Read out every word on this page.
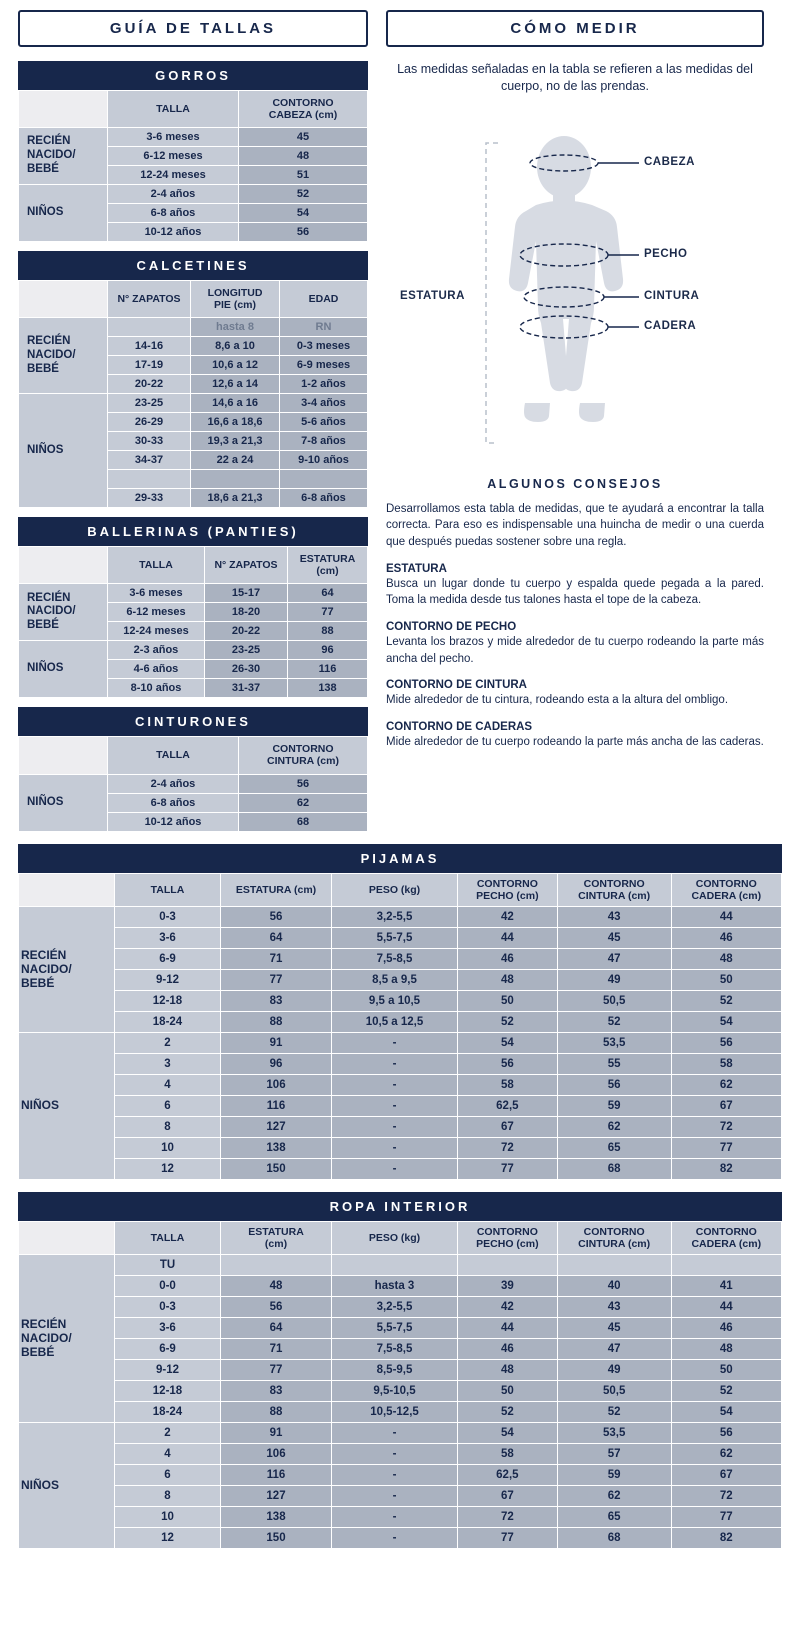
GUÍA DE TALLAS
GORROS
	TALLA	CONTORNO
CABEZA (cm)
RECIÉN
NACIDO/
BEBÉ	3-6 meses	45
	6-12 meses	48
	12-24 meses	51
NIÑOS	2-4 años	52
	6-8 años	54
	10-12 años	56
CALCETINES
	N° ZAPATOS	LONGITUD
PIE (cm)	EDAD
RECIÉN
NACIDO/
BEBÉ		hasta 8	RN
	14-16	8,6 a 10	0-3 meses
	17-19	10,6 a 12	6-9 meses
	20-22	12,6 a 14	1-2 años
NIÑOS	23-25	14,6 a 16	3-4 años
	26-29	16,6 a 18,6	5-6 años
	30-33	19,3 a 21,3	7-8 años
	34-37	22 a 24	9-10 años

	29-33	18,6 a 21,3	6-8 años
BALLERINAS (PANTIES)
	TALLA	N° ZAPATOS	ESTATURA
(cm)
RECIÉN
NACIDO/
BEBÉ	3-6 meses	15-17	64
	6-12 meses	18-20	77
	12-24 meses	20-22	88
NIÑOS	2-3 años	23-25	96
	4-6 años	26-30	116
	8-10 años	31-37	138
CINTURONES
	TALLA	CONTORNO
CINTURA (cm)
NIÑOS	2-4 años	56
	6-8 años	62
	10-12 años	68
CÓMO MEDIR
Las medidas señaladas en la tabla se refieren a las medidas del cuerpo, no de las prendas.
CABEZA
PECHO
CINTURA
CADERA
ESTATURA
ALGUNOS CONSEJOS

Desarrollamos esta tabla de medidas, que te ayudará a encontrar la talla correcta. Para eso es indispensable una huincha de medir o una cuerda que después puedas sostener sobre una regla.

ESTATURA

Busca un lugar donde tu cuerpo y espalda quede pegada a la pared. Toma la medida desde tus talones hasta el tope de la cabeza.

CONTORNO DE PECHO

Levanta los brazos y mide alrededor de tu cuerpo rodeando la parte más ancha del pecho.

CONTORNO DE CINTURA

Mide alrededor de tu cintura, rodeando esta a la altura del ombligo.

CONTORNO DE CADERAS

Mide alrededor de tu cuerpo rodeando la parte más ancha de las caderas.

PIJAMAS
	TALLA	ESTATURA (cm)	PESO (kg)	CONTORNO
PECHO (cm)	CONTORNO
CINTURA (cm)	CONTORNO
CADERA (cm)
RECIÉN
NACIDO/
BEBÉ	0-3	56	3,2-5,5	42	43	44
	3-6	64	5,5-7,5	44	45	46
	6-9	71	7,5-8,5	46	47	48
	9-12	77	8,5 a 9,5	48	49	50
	12-18	83	9,5 a 10,5	50	50,5	52
	18-24	88	10,5 a 12,5	52	52	54
NIÑOS	2	91	-	54	53,5	56
	3	96	-	56	55	58
	4	106	-	58	56	62
	6	116	-	62,5	59	67
	8	127	-	67	62	72
	10	138	-	72	65	77
	12	150	-	77	68	82
ROPA INTERIOR
	TALLA	ESTATURA
(cm)	PESO (kg)	CONTORNO
PECHO (cm)	CONTORNO
CINTURA (cm)	CONTORNO
CADERA (cm)
RECIÉN
NACIDO/
BEBÉ	TU					
	0-0	48	hasta 3	39	40	41
	0-3	56	3,2-5,5	42	43	44
	3-6	64	5,5-7,5	44	45	46
	6-9	71	7,5-8,5	46	47	48
	9-12	77	8,5-9,5	48	49	50
	12-18	83	9,5-10,5	50	50,5	52
	18-24	88	10,5-12,5	52	52	54
NIÑOS	2	91	-	54	53,5	56
	4	106	-	58	57	62
	6	116	-	62,5	59	67
	8	127	-	67	62	72
	10	138	-	72	65	77
	12	150	-	77	68	82
